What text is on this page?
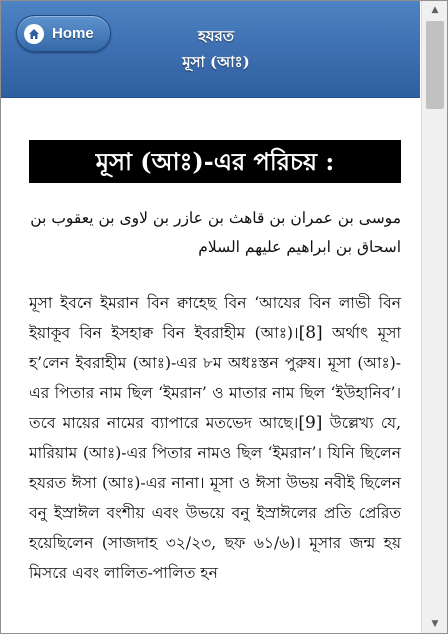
Home	হযরত
মূসা (আঃ)
মূসা (আঃ)-এর পরিচয় :
موسى بن عمران بن قاهث بن عازر بن لاوى بن يعقوب بن اسحاق بن ابراهيم عليهم السلام
মূসা ইবনে ইমরান বিন ক্বাহেছ বিন ‘আযের বিন লাভী বিন ইয়াকূব বিন ইসহাক্ব বিন ইবরাহীম (আঃ)।[8] অর্থাৎ মূসা হ’লেন ইবরাহীম (আঃ)-এর ৮ম অধঃস্তন পুরুষ। মূসা (আঃ)-এর পিতার নাম ছিল ‘ইমরান’ ও মাতার নাম ছিল ‘ইউহানিব’। তবে মায়ের নামের ব্যাপারে মতভেদ আছে।[9] উল্লেখ্য যে, মারিয়াম (আঃ)-এর পিতার নামও ছিল ‘ইমরান’। যিনি ছিলেন হযরত ঈসা (আঃ)-এর নানা। মূসা ও ঈসা উভয় নবীই ছিলেন বনু ইস্রাঈল বংশীয় এবং উভয়ে বনু ইস্রাঈলের প্রতি প্রেরিত হয়েছিলেন (সাজদাহ ৩২/২৩, ছফ ৬১/৬)। মূসার জন্ম হয় মিসরে এবং লালিত-পালিত হন
▲
▼
